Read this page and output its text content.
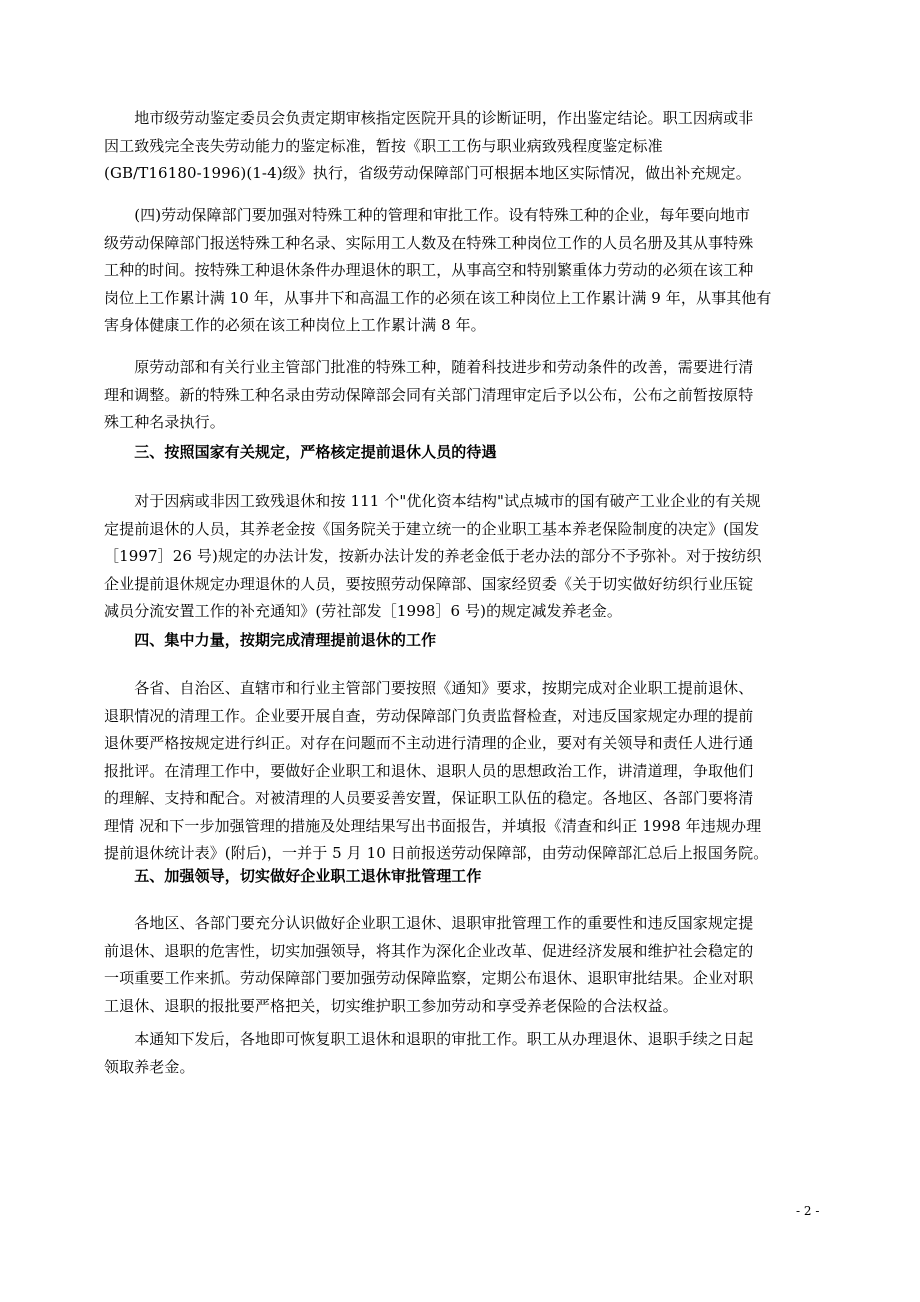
　　地市级劳动鉴定委员会负责定期审核指定医院开具的诊断证明，作出鉴定结论。职工因病或非
因工致残完全丧失劳动能力的鉴定标准，暂按《职工工伤与职业病致残程度鉴定标准
(GB/T16180-1996)(1-4)级》执行，省级劳动保障部门可根据本地区实际情况，做出补充规定。
　　(四)劳动保障部门要加强对特殊工种的管理和审批工作。设有特殊工种的企业，每年要向地市
级劳动保障部门报送特殊工种名录、实际用工人数及在特殊工种岗位工作的人员名册及其从事特殊
工种的时间。按特殊工种退休条件办理退休的职工，从事高空和特别繁重体力劳动的必须在该工种
岗位上工作累计满 10 年，从事井下和高温工作的必须在该工种岗位上工作累计满 9 年，从事其他有
害身体健康工作的必须在该工种岗位上工作累计满 8 年。
　　原劳动部和有关行业主管部门批准的特殊工种，随着科技进步和劳动条件的改善，需要进行清
理和调整。新的特殊工种名录由劳动保障部会同有关部门清理审定后予以公布，公布之前暂按原特
殊工种名录执行。
　　三、按照国家有关规定，严格核定提前退休人员的待遇
　　对于因病或非因工致残退休和按 111 个"优化资本结构"试点城市的国有破产工业企业的有关规
定提前退休的人员，其养老金按《国务院关于建立统一的企业职工基本养老保险制度的决定》(国发
［1997］26 号)规定的办法计发，按新办法计发的养老金低于老办法的部分不予弥补。对于按纺织
企业提前退休规定办理退休的人员，要按照劳动保障部、国家经贸委《关于切实做好纺织行业压锭
减员分流安置工作的补充通知》(劳社部发［1998］6 号)的规定减发养老金。
　　四、集中力量，按期完成清理提前退休的工作
　　各省、自治区、直辖市和行业主管部门要按照《通知》要求，按期完成对企业职工提前退休、
退职情况的清理工作。企业要开展自查，劳动保障部门负责监督检查，对违反国家规定办理的提前
退休要严格按规定进行纠正。对存在问题而不主动进行清理的企业，要对有关领导和责任人进行通
报批评。在清理工作中，要做好企业职工和退休、退职人员的思想政治工作，讲清道理，争取他们
的理解、支持和配合。对被清理的人员要妥善安置，保证职工队伍的稳定。各地区、各部门要将清
理情 况和下一步加强管理的措施及处理结果写出书面报告，并填报《清查和纠正 1998 年违规办理
提前退休统计表》(附后)，一并于 5 月 10 日前报送劳动保障部，由劳动保障部汇总后上报国务院。
　　五、加强领导，切实做好企业职工退休审批管理工作
　　各地区、各部门要充分认识做好企业职工退休、退职审批管理工作的重要性和违反国家规定提
前退休、退职的危害性，切实加强领导，将其作为深化企业改革、促进经济发展和维护社会稳定的
一项重要工作来抓。劳动保障部门要加强劳动保障监察，定期公布退休、退职审批结果。企业对职
工退休、退职的报批要严格把关，切实维护职工参加劳动和享受养老保险的合法权益。
　　本通知下发后，各地即可恢复职工退休和退职的审批工作。职工从办理退休、退职手续之日起
领取养老金。
- 2 -
